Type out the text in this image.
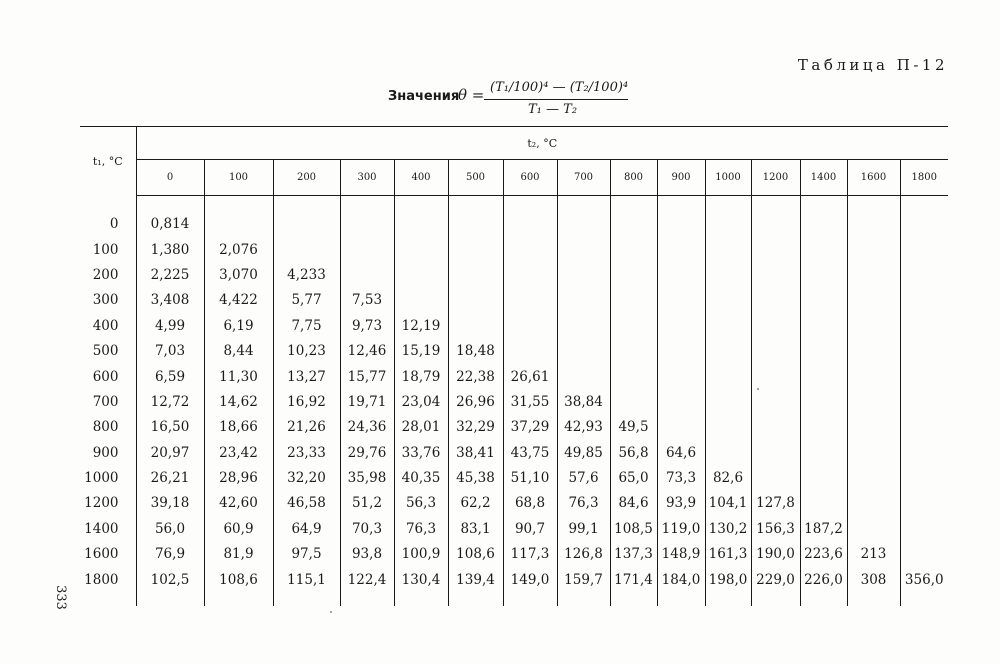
Таблица П-12
Значения
θ = (T₁/100)⁴ — (T₂/100)⁴
T₁ — T₂
t₁, °C	t₂, °C														
	0	100	200	300	400	500	600	700	800	900	1000	1200	1400	1600	1800

0	0,814														
100	1,380	2,076													
200	2,225	3,070	4,233												
300	3,408	4,422	5,77	7,53											
400	4,99	6,19	7,75	9,73	12,19										
500	7,03	8,44	10,23	12,46	15,19	18,48									
600	6,59	11,30	13,27	15,77	18,79	22,38	26,61								
700	12,72	14,62	16,92	19,71	23,04	26,96	31,55	38,84							
800	16,50	18,66	21,26	24,36	28,01	32,29	37,29	42,93	49,5						
900	20,97	23,42	23,33	29,76	33,76	38,41	43,75	49,85	56,8	64,6					
1000	26,21	28,96	32,20	35,98	40,35	45,38	51,10	57,6	65,0	73,3	82,6				
1200	39,18	42,60	46,58	51,2	56,3	62,2	68,8	76,3	84,6	93,9	104,1	127,8			
1400	56,0	60,9	64,9	70,3	76,3	83,1	90,7	99,1	108,5	119,0	130,2	156,3	187,2		
1600	76,9	81,9	97,5	93,8	100,9	108,6	117,3	126,8	137,3	148,9	161,3	190,0	223,6	213	
1800	102,5	108,6	115,1	122,4	130,4	139,4	149,0	159,7	171,4	184,0	198,0	229,0	226,0	308	356,0

333
